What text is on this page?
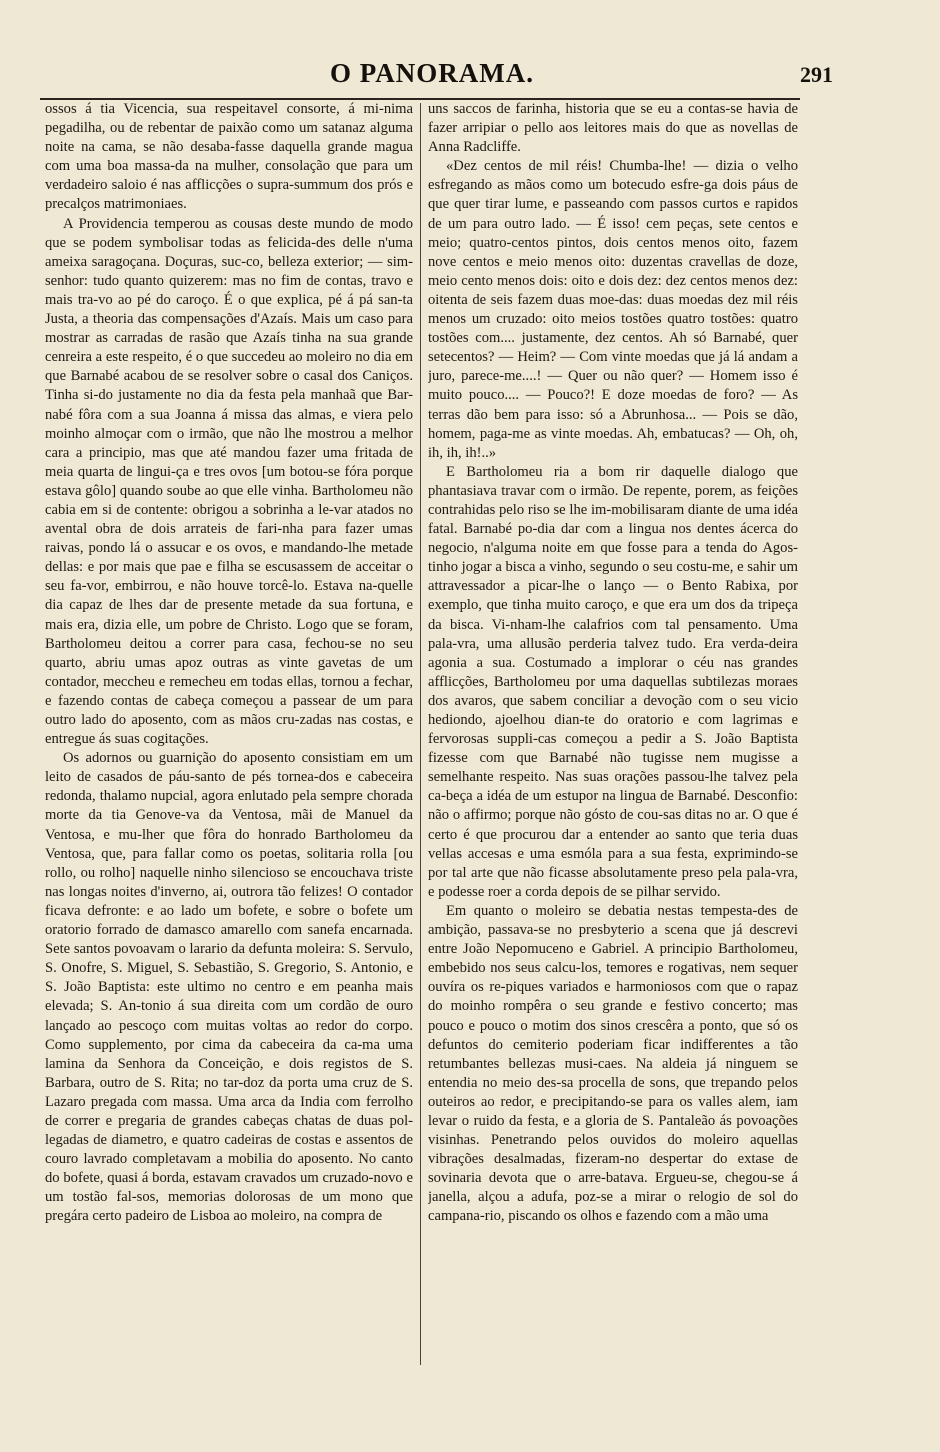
O PANORAMA.	291

ossos á tia Vicencia, sua respeitavel consorte, á mi-nima pegadilha, ou de rebentar de paixão como um satanaz alguma noite na cama, se não desaba-fasse daquella grande magua com uma boa massa-da na mulher, consolação que para um verdadeiro saloio é nas afflicções o supra-summum dos prós e precalços matrimoniaes.

A Providencia temperou as cousas deste mundo de modo que se podem symbolisar todas as felicida-des delle n'uma ameixa saragoçana. Doçuras, suc-co, belleza exterior; — sim-senhor: tudo quanto quizerem: mas no fim de contas, travo e mais tra-vo ao pé do caroço. É o que explica, pé á pá san-ta Justa, a theoria das compensações d'Azaís. Mais um caso para mostrar as carradas de rasão que Azaís tinha na sua grande cenreira a este respeito, é o que succedeu ao moleiro no dia em que Barnabé acabou de se resolver sobre o casal dos Caniços. Tinha si-do justamente no dia da festa pela manhaã que Bar-nabé fôra com a sua Joanna á missa das almas, e viera pelo moinho almoçar com o irmão, que não lhe mostrou a melhor cara a principio, mas que até mandou fazer uma fritada de meia quarta de lingui-ça e tres ovos [um botou-se fóra porque estava gôlo] quando soube ao que elle vinha. Bartholomeu não cabia em si de contente: obrigou a sobrinha a le-var atados no avental obra de dois arrateis de fari-nha para fazer umas raivas, pondo lá o assucar e os ovos, e mandando-lhe metade dellas: e por mais que pae e filha se escusassem de acceitar o seu fa-vor, embirrou, e não houve torcê-lo. Estava na-quelle dia capaz de lhes dar de presente metade da sua fortuna, e mais era, dizia elle, um pobre de Christo. Logo que se foram, Bartholomeu deitou a correr para casa, fechou-se no seu quarto, abriu umas apoz outras as vinte gavetas de um contador, meccheu e remecheu em todas ellas, tornou a fechar, e fazendo contas de cabeça começou a passear de um para outro lado do aposento, com as mãos cru-zadas nas costas, e entregue ás suas cogitações.

Os adornos ou guarnição do aposento consistiam em um leito de casados de páu-santo de pés tornea-dos e cabeceira redonda, thalamo nupcial, agora enlutado pela sempre chorada morte da tia Genove-va da Ventosa, mãi de Manuel da Ventosa, e mu-lher que fôra do honrado Bartholomeu da Ventosa, que, para fallar como os poetas, solitaria rolla [ou rollo, ou rolho] naquelle ninho silencioso se encouchava triste nas longas noites d'inverno, ai, outrora tão felizes! O contador ficava defronte: e ao lado um bofete, e sobre o bofete um oratorio forrado de damasco amarello com sanefa encarnada. Sete santos povoavam o larario da defunta moleira: S. Servulo, S. Onofre, S. Miguel, S. Sebastião, S. Gregorio, S. Antonio, e S. João Baptista: este ultimo no centro e em peanha mais elevada; S. An-tonio á sua direita com um cordão de ouro lançado ao pescoço com muitas voltas ao redor do corpo. Como supplemento, por cima da cabeceira da ca-ma uma lamina da Senhora da Conceição, e dois registos de S. Barbara, outro de S. Rita; no tar-doz da porta uma cruz de S. Lazaro pregada com massa. Uma arca da India com ferrolho de correr e pregaria de grandes cabeças chatas de duas pol-legadas de diametro, e quatro cadeiras de costas e assentos de couro lavrado completavam a mobilia do aposento. No canto do bofete, quasi á borda, estavam cravados um cruzado-novo e um tostão fal-sos, memorias dolorosas de um mono que pregára certo padeiro de Lisboa ao moleiro, na compra de

uns saccos de farinha, historia que se eu a contas-se havia de fazer arripiar o pello aos leitores mais do que as novellas de Anna Radcliffe.

«Dez centos de mil réis! Chumba-lhe! — dizia o velho esfregando as mãos como um botecudo esfre-ga dois páus de que quer tirar lume, e passeando com passos curtos e rapidos de um para outro lado. — É isso! cem peças, sete centos e meio; quatro-centos pintos, dois centos menos oito, fazem nove centos e meio menos oito: duzentas cravellas de doze, meio cento menos dois: oito e dois dez: dez centos menos dez: oitenta de seis fazem duas moe-das: duas moedas dez mil réis menos um cruzado: oito meios tostões quatro tostões: quatro tostões com.... justamente, dez centos. Ah só Barnabé, quer setecentos? — Heim? — Com vinte moedas que já lá andam a juro, parece-me....! — Quer ou não quer? — Homem isso é muito pouco.... — Pouco?! E doze moedas de foro? — As terras dão bem para isso: só a Abrunhosa... — Pois se dão, homem, paga-me as vinte moedas. Ah, embatucas? — Oh, oh, ih, ih, ih!..»

E Bartholomeu ria a bom rir daquelle dialogo que phantasiava travar com o irmão. De repente, porem, as feições contrahidas pelo riso se lhe im-mobilisaram diante de uma idéa fatal. Barnabé po-dia dar com a lingua nos dentes ácerca do negocio, n'alguma noite em que fosse para a tenda do Agos-tinho jogar a bisca a vinho, segundo o seu costu-me, e sahir um attravessador a picar-lhe o lanço — o Bento Rabixa, por exemplo, que tinha muito caroço, e que era um dos da tripeça da bisca. Vi-nham-lhe calafrios com tal pensamento. Uma pala-vra, uma allusão perderia talvez tudo. Era verda-deira agonia a sua. Costumado a implorar o céu nas grandes afflicções, Bartholomeu por uma daquellas subtilezas moraes dos avaros, que sabem conciliar a devoção com o seu vicio hediondo, ajoelhou dian-te do oratorio e com lagrimas e fervorosas suppli-cas começou a pedir a S. João Baptista fizesse com que Barnabé não tugisse nem mugisse a semelhante respeito. Nas suas orações passou-lhe talvez pela ca-beça a idéa de um estupor na lingua de Barnabé. Desconfio: não o affirmo; porque não gósto de cou-sas ditas no ar. O que é certo é que procurou dar a entender ao santo que teria duas vellas accesas e uma esmóla para a sua festa, exprimindo-se por tal arte que não ficasse absolutamente preso pela pala-vra, e podesse roer a corda depois de se pilhar servido.

Em quanto o moleiro se debatia nestas tempesta-des de ambição, passava-se no presbyterio a scena que já descrevi entre João Nepomuceno e Gabriel. A principio Bartholomeu, embebido nos seus calcu-los, temores e rogativas, nem sequer ouvíra os re-piques variados e harmoniosos com que o rapaz do moinho rompêra o seu grande e festivo concerto; mas pouco e pouco o motim dos sinos crescêra a ponto, que só os defuntos do cemiterio poderiam ficar indifferentes a tão retumbantes bellezas musi-caes. Na aldeia já ninguem se entendia no meio des-sa procella de sons, que trepando pelos outeiros ao redor, e precipitando-se para os valles alem, iam levar o ruido da festa, e a gloria de S. Pantaleão ás povoações visinhas. Penetrando pelos ouvidos do moleiro aquellas vibrações desalmadas, fizeram-no despertar do extase de sovinaria devota que o arre-batava. Ergueu-se, chegou-se á janella, alçou a adufa, poz-se a mirar o relogio de sol do campana-rio, piscando os olhos e fazendo com a mão uma
